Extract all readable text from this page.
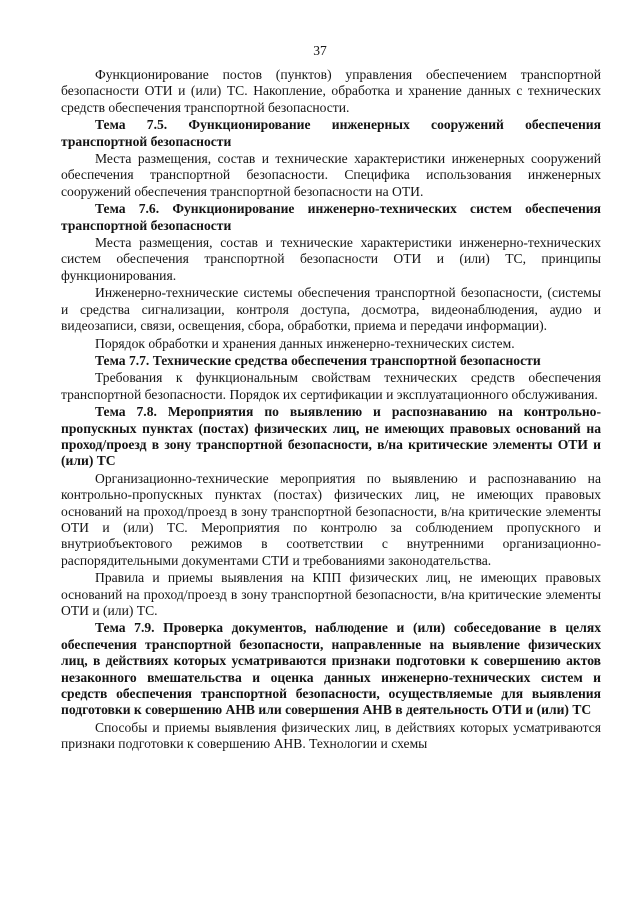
37

Функционирование постов (пунктов) управления обеспечением транспортной безопасности ОТИ и (или) ТС. Накопление, обработка и хранение данных с технических средств обеспечения транспортной безопасности.

Тема 7.5. Функционирование инженерных сооружений обеспечения транспортной безопасности

Места размещения, состав и технические характеристики инженерных сооружений обеспечения транспортной безопасности. Специфика использования инженерных сооружений обеспечения транспортной безопасности на ОТИ.

Тема 7.6. Функционирование инженерно-технических систем обеспечения транспортной безопасности

Места размещения, состав и технические характеристики инженерно-технических систем обеспечения транспортной безопасности ОТИ и (или) ТС, принципы функционирования.

Инженерно-технические системы обеспечения транспортной безопасности, (системы и средства сигнализации, контроля доступа, досмотра, видеонаблюдения, аудио и видеозаписи, связи, освещения, сбора, обработки, приема и передачи информации).

Порядок обработки и хранения данных инженерно-технических систем.

Тема 7.7. Технические средства обеспечения транспортной безопасности

Требования к функциональным свойствам технических средств обеспечения транспортной безопасности. Порядок их сертификации и эксплуатационного обслуживания.

Тема 7.8. Мероприятия по выявлению и распознаванию на контрольно-пропускных пунктах (постах) физических лиц, не имеющих правовых оснований на проход/проезд в зону транспортной безопасности, в/на критические элементы ОТИ и (или) ТС

Организационно-технические мероприятия по выявлению и распознаванию на контрольно-пропускных пунктах (постах) физических лиц, не имеющих правовых оснований на проход/проезд в зону транспортной безопасности, в/на критические элементы ОТИ и (или) ТС. Мероприятия по контролю за соблюдением пропускного и внутриобъектового режимов в соответствии с внутренними организационно-распорядительными документами СТИ и требованиями законодательства.

Правила и приемы выявления на КПП физических лиц, не имеющих правовых оснований на проход/проезд в зону транспортной безопасности, в/на критические элементы ОТИ и (или) ТС.

Тема 7.9. Проверка документов, наблюдение и (или) собеседование в целях обеспечения транспортной безопасности, направленные на выявление физических лиц, в действиях которых усматриваются признаки подготовки к совершению актов незаконного вмешательства и оценка данных инженерно-технических систем и средств обеспечения транспортной безопасности, осуществляемые для выявления подготовки к совершению АНВ или совершения АНВ в деятельность ОТИ и (или) ТС

Способы и приемы выявления физических лиц, в действиях которых усматриваются признаки подготовки к совершению АНВ. Технологии и схемы
